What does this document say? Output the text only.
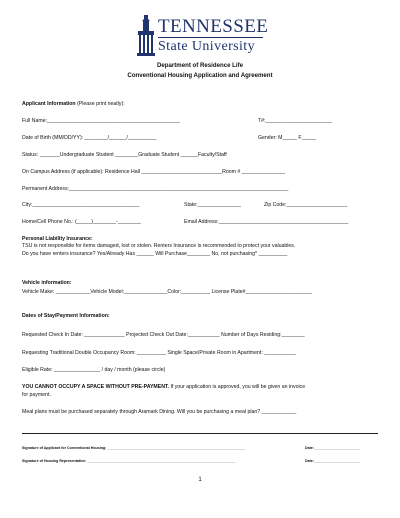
TENNESSEE
State University
Department of Residence Life
Conventional Housing Application and Agreement
Applicant Information (Please print neatly):
Full Name:______________________________________________	T#:_______________________
Date of Birth (MM/DD/YY): ________/______/__________	Gender: M_____ F_____
Status: _______Undergraduate Student ________Graduate Student ______Faculty/Staff
On Campus Address (if applicable): Residence Hall ____________________________Room # _______________
Permanent Address:____________________________________________________________________________
City:_____________________________________	State:_______________	Zip Code:_____________________
Home/Cell Phone No.: (_____)________-________	Email Address:_____________________________________________
Personal Liability Insurance:
TSU is not responsible for items damaged, lost or stolen. Renters Insurance is recommended to protect your valuables.
Do you have renters insurance? Yes/Already Has ______ Will Purchase________ No, not purchasing* __________
Vehicle information:
Vehicle Make: ____________Vehicle Model:_______________Color:__________ License Plate#_______________________
Dates of Stay/Payment Information:
Requested Check In Date: ______________ Projected Check Out Date:___________ Number of Days Residing:________
Requesting Traditional Double Occupancy Room: __________ Single Space/Private Room in Apartment: ___________
Eligible Rate: ________________ / day / month (please circle)
YOU CANNOT OCCUPY A SPACE WITHOUT PRE-PAYMENT. If your application is approved, you will be given an invoice
for payment.
Meal plans must be purchased separately through Aramark Dining. Will you be purchasing a meal plan? ____________
Signature of Applicant for Conventional Housing: _____________________________________________________________________	Date:_______________________
Signature of Housing Representative: __________________________________________________________________________	Date:_______________________
1
